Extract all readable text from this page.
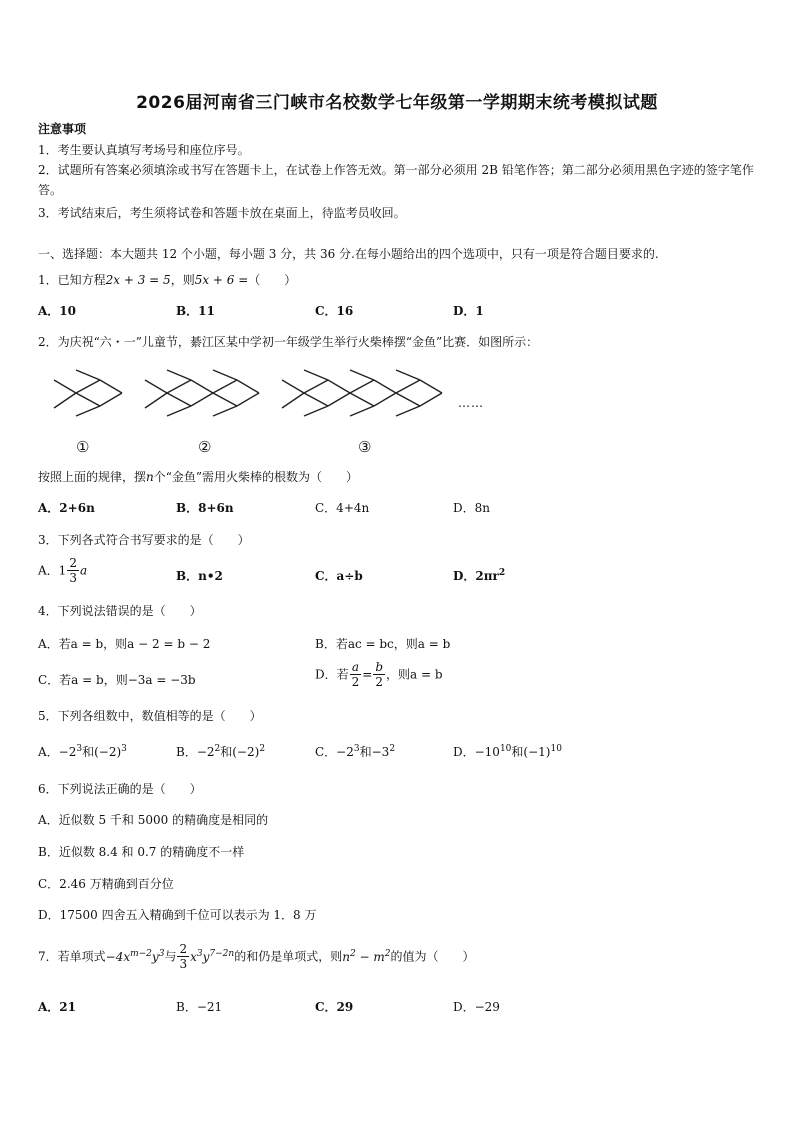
2026届河南省三门峡市名校数学七年级第一学期期末统考模拟试题
注意事项
1．考生要认真填写考场号和座位序号。
2．试题所有答案必须填涂或书写在答题卡上，在试卷上作答无效。第一部分必须用 2B 铅笔作答；第二部分必须用黑色字迹的签字笔作答。
3．考试结束后，考生须将试卷和答题卡放在桌面上，待监考员收回。
一、选择题：本大题共 12 个小题，每小题 3 分，共 36 分.在每小题给出的四个选项中，只有一项是符合题目要求的.
1．已知方程2x + 3 = 5，则5x + 6 =（　　）
A．10	B．11	C．16	D．1
2．为庆祝“六・一”儿童节，綦江区某中学初一年级学生举行火柴棒摆“金鱼”比赛．如图所示：
……
①	②	③
按照上面的规律，摆n个“金鱼”需用火柴棒的根数为（　　）
A．2+6n	B．8+6n	C．4+4n	D．8n
3．下列各式符合书写要求的是（　　）
A．$1 \frac{2}{3}$ a	B．n•2	C．a÷b	D．$2\pi r^2$
4．下列说法错误的是（　　）
A．若a = b，则a − 2 = b − 2	B．若ac = bc，则a = b
C．若a = b，则−3a = −3b	D．若 $\frac{a}{2} = \frac{b}{2}$ ，则a = b
5．下列各组数中，数值相等的是（　　）
A．$-2^3$和$(-2)^3$	B．$-2^2$和$(-2)^2$	C．$-2^3$和$-3^2$	D．$-10^{10}$和$(-1)^{10}$
6．下列说法正确的是（　　）
A．近似数 5 千和 5000 的精确度是相同的
B．近似数 8.4 和 0.7 的精确度不一样
C．2.46 万精确到百分位
D．17500 四舍五入精确到千位可以表示为 1．8 万
7．若单项式$-4x^{m-2}y^3$与 $\frac{2}{3} x^3y^{7-2n}$的和仍是单项式，则$n^2 - m^2$的值为（　　）
A．21	B．−21	C．29	D．−29
